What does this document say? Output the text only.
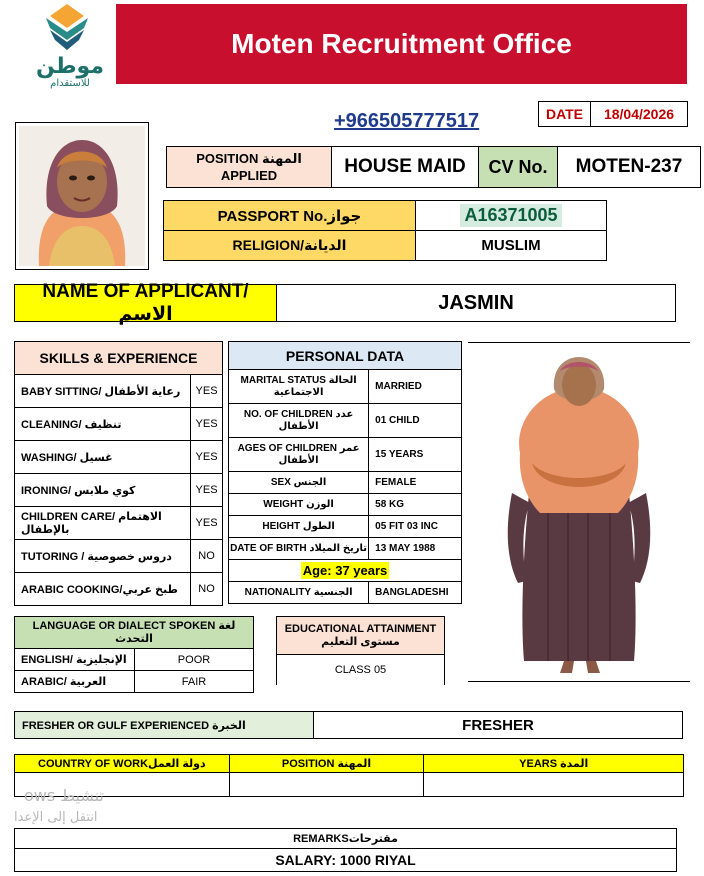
موطن
للاستقدام
Moten Recruitment Office
+966505777517	DATE	18/04/2026
POSITION المهنة APPLIED	HOUSE MAID	CV No.	MOTEN-237
PASSPORT No.جواز	A16371005
RELIGION/الديانة	MUSLIM
NAME OF APPLICANT/ الاسم
JASMIN
SKILLS & EXPERIENCE	
BABY SITTING/ رعاية الأطفال	YES
CLEANING/ تنظيف	YES
WASHING/ غسيل	YES
IRONING/ كوي ملابس	YES
CHILDREN CARE/ الاهتمام بالإطفال	YES
TUTORING / دروس خصوصية	NO
ARABIC COOKING/طبخ عربي	NO
PERSONAL DATA	
MARITAL STATUS الحالة الاجتماعية	MARRIED
NO. OF CHILDREN عدد الأطفال	01 CHILD
AGES OF CHILDREN عمر الأطفال	15 YEARS
SEX الجنس	FEMALE
WEIGHT الوزن	58 KG
HEIGHT الطول	05 FIT 03 INC
DATE OF BIRTH تاريخ الميلاد	13 MAY 1988
Age: 37 years	
NATIONALITY الجنسية	BANGLADESHI
LANGUAGE OR DIALECT SPOKEN لغة التحدث	
ENGLISH/ الإنجليزية	POOR
ARABIC/ العربية	FAIR
EDUCATIONAL ATTAINMENT مستوى التعليم
CLASS 05
FRESHER OR GULF EXPERIENCED الخبرة	FRESHER
COUNTRY OF WORKدولة العمل	POSITION المهنة	YEARS المدة

ows تنشيط
انتقل إلى الإعدا
REMARKSمقترحات
SALARY: 1000 RIYAL
